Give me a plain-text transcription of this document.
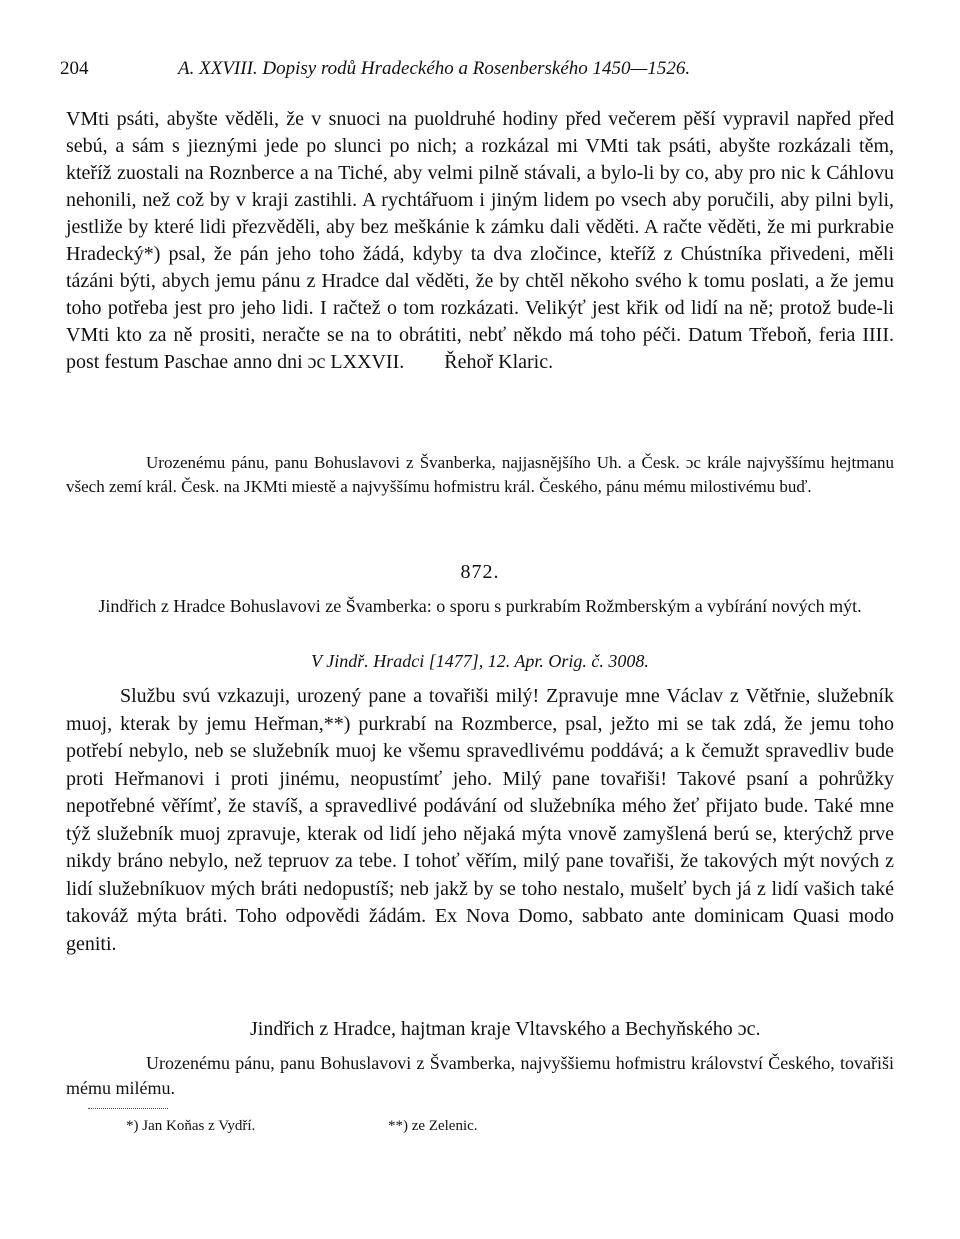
204	A. XXVIII. Dopisy rodů Hradeckého a Rosenberského 1450—1526.

VMti psáti, abyšte věděli, že v snuoci na puoldruhé hodiny před večerem pěší vypravil napřed před sebú, a sám s jieznými jede po slunci po nich; a rozkázal mi VMti tak psáti, abyšte rozkázali těm, kteříž zuostali na Roznberce a na Tiché, aby velmi pilně stávali, a bylo-li by co, aby pro nic k Cáhlovu nehonili, než což by v kraji zastihli. A rychtářuom i jiným lidem po vsech aby poručili, aby pilni byli, jestliže by které lidi přezvěděli, aby bez meškánie k zámku dali věděti. A račte věděti, že mi purkrabie Hradecký*) psal, že pán jeho toho žádá, kdyby ta dva zločince, kteříž z Chústníka přivedeni, měli tázáni býti, abych jemu pánu z Hradce dal věděti, že by chtěl někoho svého k tomu poslati, a že jemu toho potřeba jest pro jeho lidi. I račtež o tom rozkázati. Velikýť jest křik od lidí na ně; protož bude-li VMti kto za ně prositi, neračte se na to obrátiti, nebť někdo má toho péči. Datum Třeboň, feria IIII. post festum Paschae anno dni ɔc LXXVII.        Řehoř Klaric.

Urozenému pánu, panu Bohuslavovi z Švanberka, najjasnějšího Uh. a Česk. ɔc krále najvyššímu hejtmanu všech zemí král. Česk. na JKMti miestě a najvyššímu hofmistru král. Českého, pánu mému milostivému buď.

872.
Jindřich z Hradce Bohuslavovi ze Švamberka: o sporu s purkrabím Rožmberským a vybírání nových mýt.
V Jindř. Hradci [1477], 12. Apr. Orig. č. 3008.

Službu svú vzkazuji, urozený pane a tovařiši milý! Zpravuje mne Václav z Větřnie, služebník muoj, kterak by jemu Heřman,**) purkrabí na Rozmberce, psal, ježto mi se tak zdá, že jemu toho potřebí nebylo, neb se služebník muoj ke všemu spravedlivému poddává; a k čemužt spravedliv bude proti Heřmanovi i proti jinému, neopustímť jeho. Milý pane tovařiši! Takové psaní a pohrůžky nepotřebné věřímť, že stavíš, a spravedlivé podávání od služebníka mého žeť přijato bude. Také mne týž služebník muoj zpravuje, kterak od lidí jeho nějaká mýta vnově zamyšlená berú se, kterýchž prve nikdy bráno nebylo, než tepruov za tebe. I tohoť věřím, milý pane tovařiši, že takových mýt nových z lidí služebníkuov mých bráti nedopustíš; neb jakž by se toho nestalo, mušelť bych já z lidí vašich také takováž mýta bráti. Toho odpovědi žádám. Ex Nova Domo, sabbato ante dominicam Quasi modo geniti.

Jindřich z Hradce, hajtman kraje Vltavského a Bechyňského ɔc.

Urozenému pánu, panu Bohuslavovi z Švamberka, najvyššiemu hofmistru království Českého, tovařiši mému milému.

*) Jan Koňas z Vydří.	**) ze Zelenic.
